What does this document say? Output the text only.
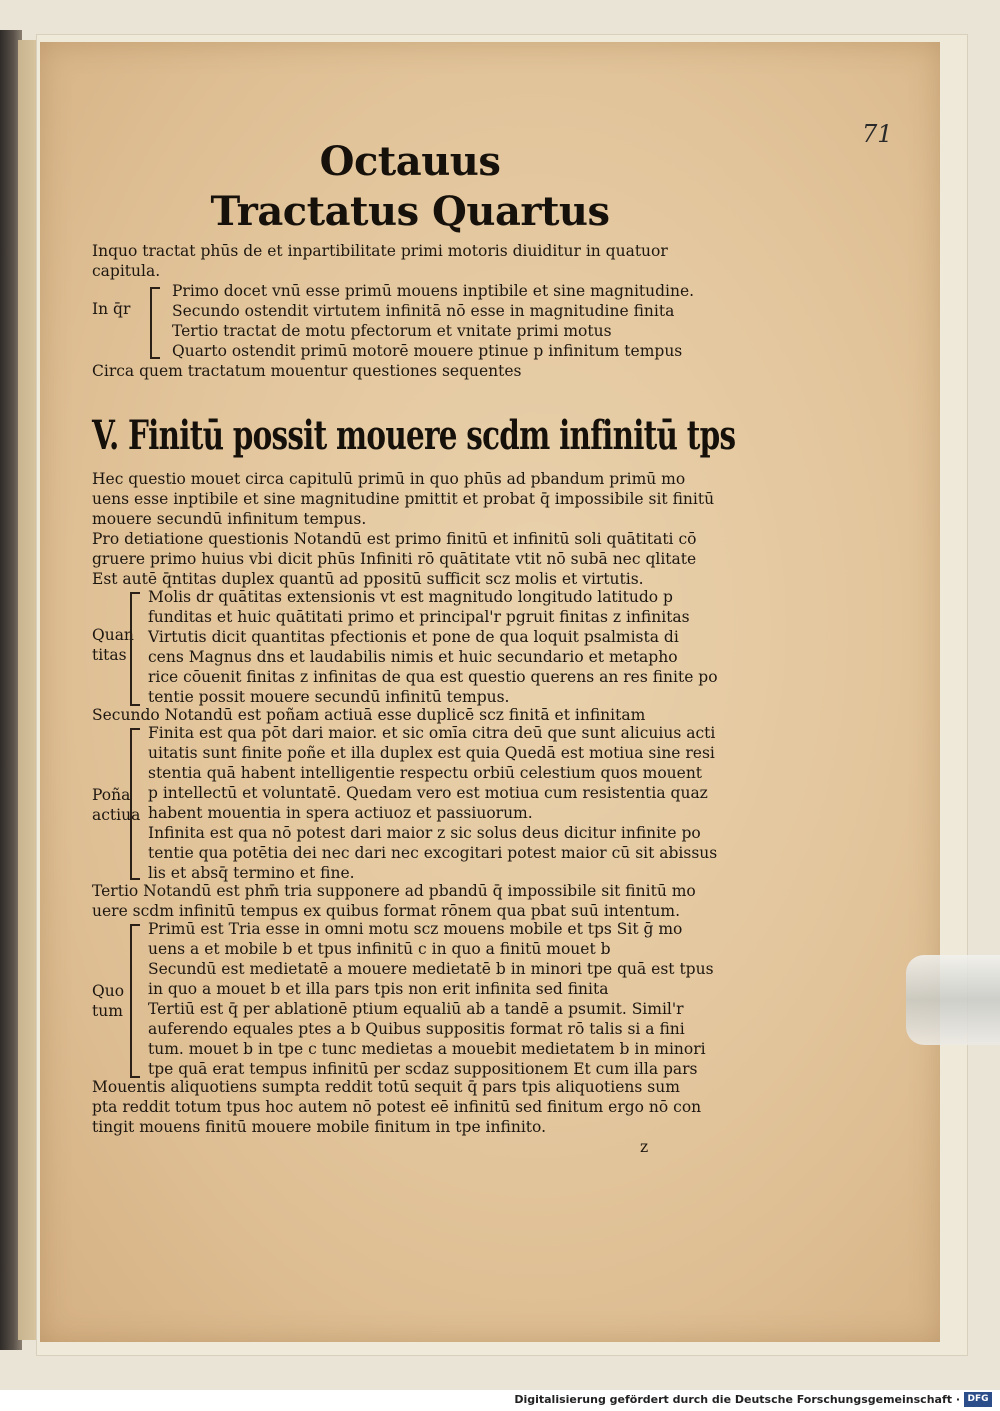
71
Octauus
Tractatus Quartus
Inquo tractat phūs de et inpartibilitate primi motoris diuiditur in quatuor
capitula.
In q̄r
Primo docet vnū esse primū mouens inptibile et sine magnitudine.
Secundo ostendit virtutem infinitā nō esse in magnitudine finita
Tertio tractat de motu pfectorum et vnitate primi motus
Quarto ostendit primū motorē mouere ptinue p infinitum tempus
Circa quem tractatum mouentur questiones sequentes
V. Finitū possit mouere scdm infinitū tps
Hec questio mouet circa capitulū primū in quo phūs ad pbandum primū mo
uens esse inptibile et sine magnitudine pmittit et probat q̄ impossibile sit finitū
mouere secundū infinitum tempus.
Pro detiatione questionis Notandū est primo finitū et infinitū soli quātitati cō
gruere primo huius vbi dicit phūs Infiniti rō quātitate vtit nō subā nec qlitate
Est autē q̄ntitas duplex quantū ad ppositū sufficit scz molis et virtutis.
Quan
titas
Molis dr quātitas extensionis vt est magnitudo longitudo latitudo p
funditas et huic quātitati primo et principal'r pgruit finitas z infinitas
Virtutis dicit quantitas pfectionis et pone de qua loquit psalmista di
cens Magnus dns et laudabilis nimis et huic secundario et metapho
rice cōuenit finitas z infinitas de qua est questio querens an res finite po
tentie possit mouere secundū infinitū tempus.
Secundo Notandū est poñam actiuā esse duplicē scz finitā et infinitam
Poña
actiua
Finita est qua pōt dari maior. et sic omīa citra deū que sunt alicuius acti
uitatis sunt finite poñe et illa duplex est quia Quedā est motiua sine resi
stentia quā habent intelligentie respectu orbiū celestium quos mouent
p intellectū et voluntatē. Quedam vero est motiua cum resistentia quaz
habent mouentia in spera actiuoz et passiuorum.
Infinita est qua nō potest dari maior z sic solus deus dicitur infinite po
tentie qua potētia dei nec dari nec excogitari potest maior cū sit abissus
lis et absq̄ termino et fine.
Tertio Notandū est phm̄ tria supponere ad pbandū q̄ impossibile sit finitū mo
uere scdm infinitū tempus ex quibus format rōnem qua pbat suū intentum.
Quo
tum
Primū est Tria esse in omni motu scz mouens mobile et tps Sit ḡ mo
uens a et mobile b et tpus infinitū c in quo a finitū mouet b
Secundū est medietatē a mouere medietatē b in minori tpe quā est tpus
in quo a mouet b et illa pars tpis non erit infinita sed finita
Tertiū est q̄ per ablationē ptium equaliū ab a tandē a psumit. Simil'r
auferendo equales ptes a b Quibus suppositis format rō talis si a fini
tum. mouet b in tpe c tunc medietas a mouebit medietatem b in minori
tpe quā erat tempus infinitū per scdaz suppositionem Et cum illa pars
Mouentis aliquotiens sumpta reddit totū sequit q̄ pars tpis aliquotiens sum
pta reddit totum tpus hoc autem nō potest eē infinitū sed finitum ergo nō con
tingit mouens finitū mouere mobile finitum in tpe infinito.
z
Digitalisierung gefördert durch die Deutsche Forschungsgemeinschaft · DFG
